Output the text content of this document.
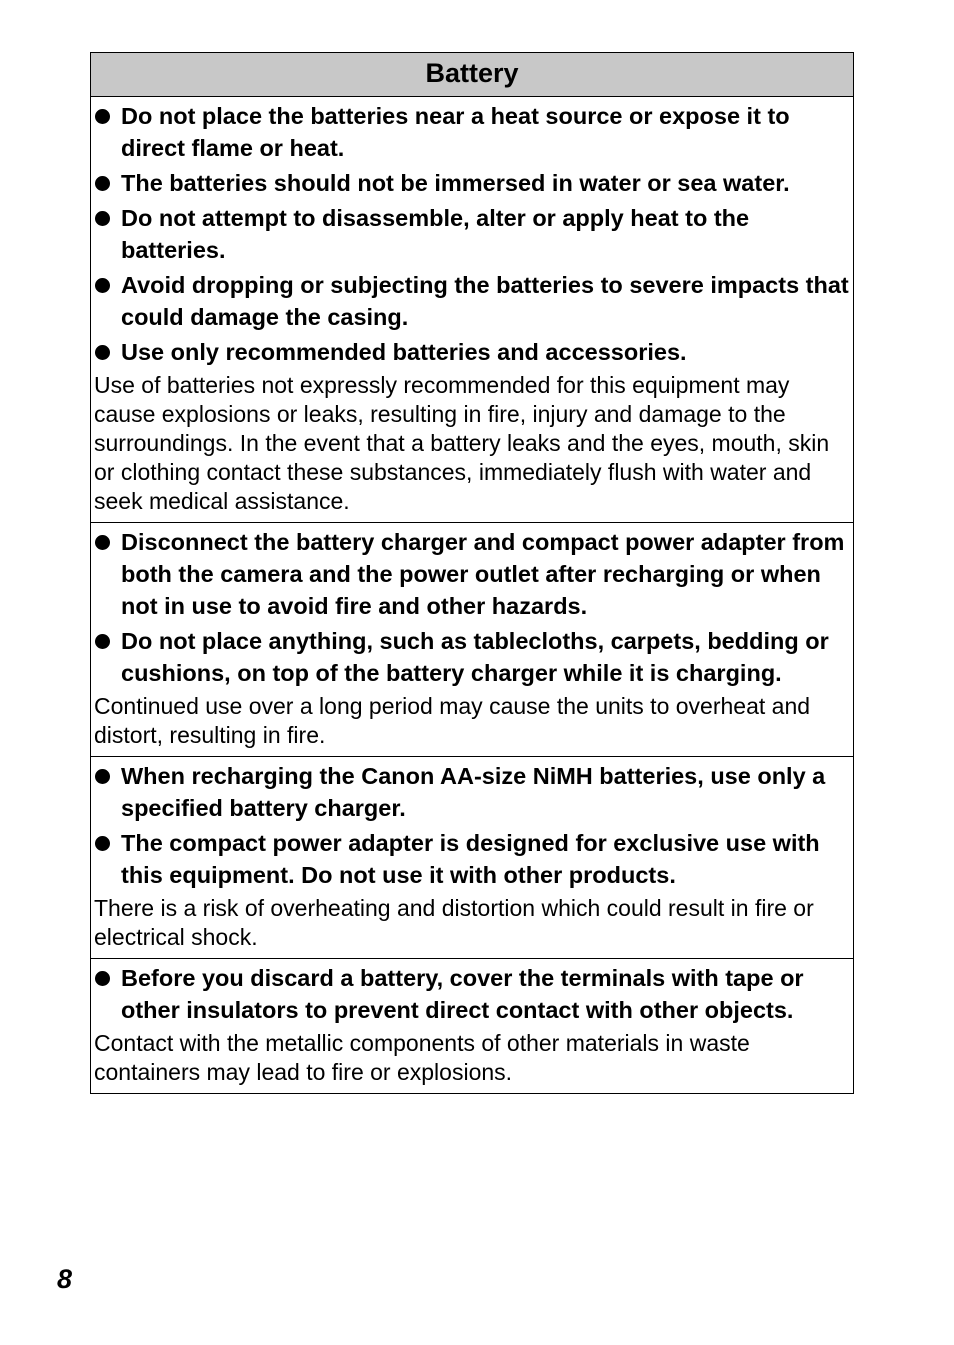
Battery
Do not place the batteries near a heat source or expose it to direct flame or heat.
The batteries should not be immersed in water or sea water.
Do not attempt to disassemble, alter or apply heat to the batteries.
Avoid dropping or subjecting the batteries to severe impacts that could damage the casing.
Use only recommended batteries and accessories.
Use of batteries not expressly recommended for this equipment may cause explosions or leaks, resulting in fire, injury and damage to the surroundings. In the event that a battery leaks and the eyes, mouth, skin or clothing contact these substances, immediately flush with water and seek medical assistance.
Disconnect the battery charger and compact power adapter from both the camera and the power outlet after recharging or when not in use to avoid fire and other hazards.
Do not place anything, such as tablecloths, carpets, bedding or cushions, on top of the battery charger while it is charging.
Continued use over a long period may cause the units to overheat and distort, resulting in fire.
When recharging the Canon AA-size NiMH batteries, use only a specified battery charger.
The compact power adapter is designed for exclusive use with this equipment. Do not use it with other products.
There is a risk of overheating and distortion which could result in fire or electrical shock.
Before you discard a battery, cover the terminals with tape or other insulators to prevent direct contact with other objects.
Contact with the metallic components of other materials in waste containers may lead to fire or explosions.
8
